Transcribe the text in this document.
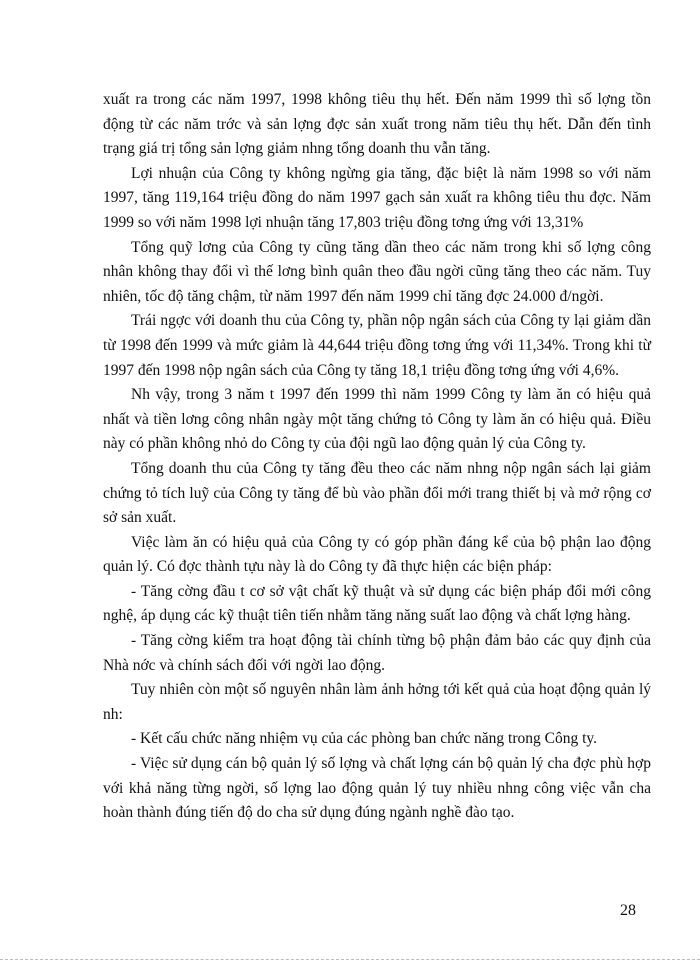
xuất ra trong các năm 1997, 1998 không tiêu thụ hết. Đến năm 1999 thì số lợng tồn động từ các năm trớc và sản lợng đợc sản xuất trong năm tiêu thụ hết. Dẫn đến tình trạng giá trị tổng sản lợng giảm nhng tổng doanh thu vẫn tăng.

Lợi nhuận của Công ty không ngừng gia tăng, đặc biệt là năm 1998 so với năm 1997, tăng 119,164 triệu đồng do năm 1997 gạch sản xuất ra không tiêu thu đợc. Năm 1999 so với năm 1998 lợi nhuận tăng 17,803 triệu đồng tơng ứng với 13,31%

Tổng quỹ lơng của Công ty cũng tăng dần theo các năm trong khi số lợng công nhân không thay đổi vì thế lơng bình quân theo đầu ngời cũng tăng theo các năm. Tuy nhiên, tốc độ tăng chậm, từ năm 1997 đến năm 1999 chỉ tăng đợc 24.000 đ/ngời.

Trái ngợc với doanh thu của Công ty, phần nộp ngân sách của Công ty lại giảm dần từ 1998 đến 1999 và mức giảm là 44,644 triệu đồng tơng ứng với 11,34%. Trong khi từ 1997 đến 1998 nộp ngân sách của Công ty tăng 18,1 triệu đồng tơng ứng với 4,6%.

Nh vậy, trong 3 năm t 1997 đến 1999 thì năm 1999 Công ty làm ăn có hiệu quả nhất và tiền lơng công nhân ngày một tăng chứng tỏ Công ty làm ăn có hiệu quả. Điều này có phần không nhỏ do Công ty của đội ngũ lao động quản lý của Công ty.

Tổng doanh thu của Công ty tăng đều theo các năm nhng nộp ngân sách lại giảm chứng tỏ tích luỹ của Công ty tăng để bù vào phần đổi mới trang thiết bị và mở rộng cơ sở sản xuất.

Việc làm ăn có hiệu quả của Công ty có góp phần đáng kể của bộ phận lao động quản lý. Có đợc thành tựu này là do Công ty đã thực hiện các biện pháp:

- Tăng cờng đầu t cơ sở vật chất kỹ thuật và sử dụng các biện pháp đổi mới công nghệ, áp dụng các kỹ thuật tiên tiến nhằm tăng năng suất lao động và chất lợng hàng.

- Tăng cờng kiểm tra hoạt động tài chính từng bộ phận đảm bảo các quy định của Nhà nớc và chính sách đối với ngời lao động.

Tuy nhiên còn một số nguyên nhân làm ảnh hởng tới kết quả của hoạt động quản lý nh:

- Kết cấu chức năng nhiệm vụ của các phòng ban chức năng trong Công ty.

- Việc sử dụng cán bộ quản lý số lợng và chất lợng cán bộ quản lý cha đợc phù hợp với khả năng từng ngời, số lợng lao động quản lý tuy nhiều nhng công việc vẫn cha hoàn thành đúng tiến độ do cha sử dụng đúng ngành nghề đào tạo.

28
